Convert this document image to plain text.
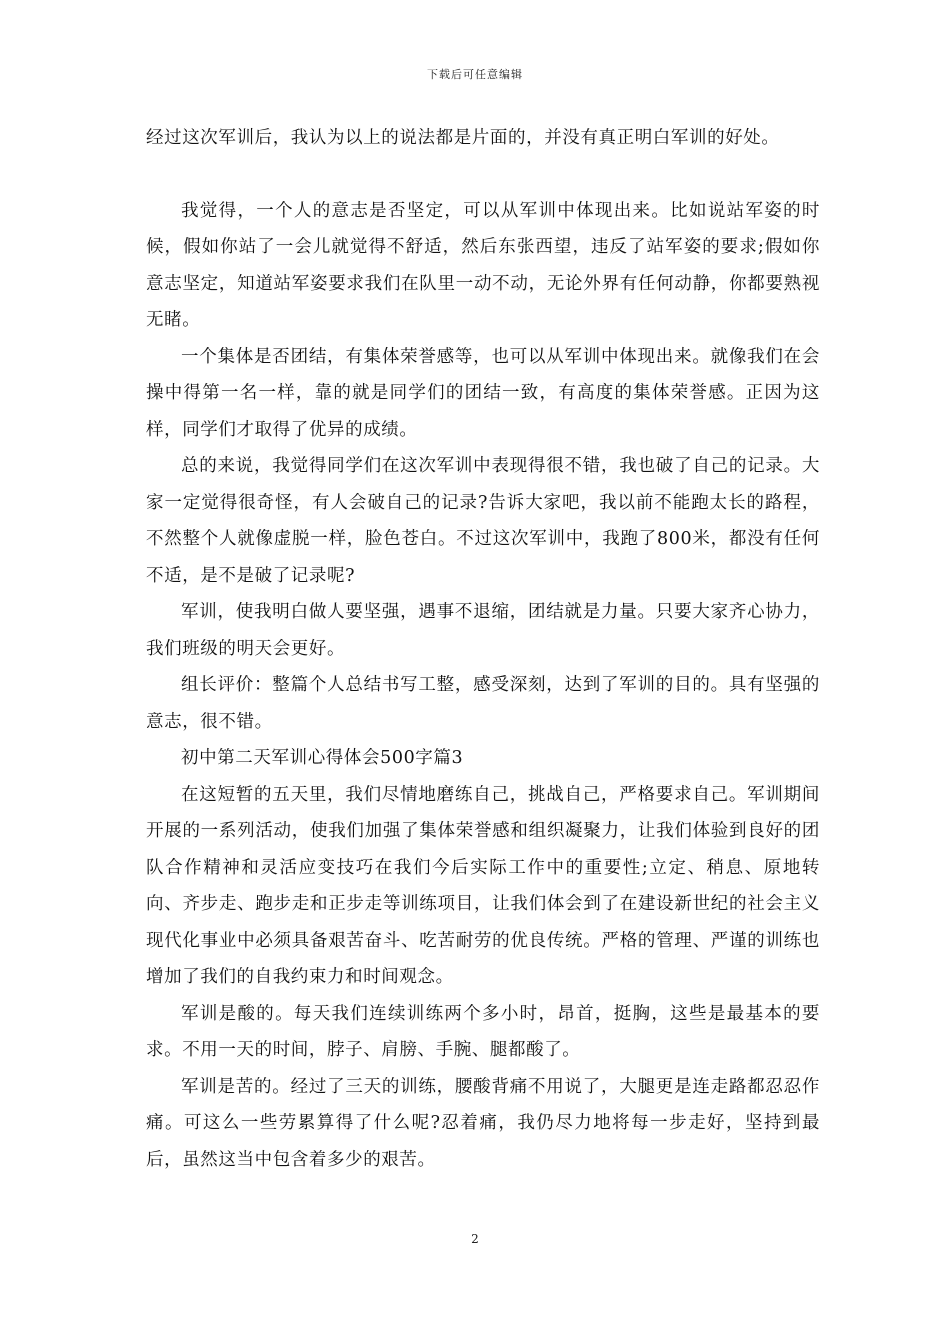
下载后可任意编辑

经过这次军训后，我认为以上的说法都是片面的，并没有真正明白军训的好处。

我觉得，一个人的意志是否坚定，可以从军训中体现出来。比如说站军姿的时候，假如你站了一会儿就觉得不舒适，然后东张西望，违反了站军姿的要求;假如你意志坚定，知道站军姿要求我们在队里一动不动，无论外界有任何动静，你都要熟视无睹。

一个集体是否团结，有集体荣誉感等，也可以从军训中体现出来。就像我们在会操中得第一名一样，靠的就是同学们的团结一致，有高度的集体荣誉感。正因为这样，同学们才取得了优异的成绩。

总的来说，我觉得同学们在这次军训中表现得很不错，我也破了自己的记录。大家一定觉得很奇怪，有人会破自己的记录?告诉大家吧，我以前不能跑太长的路程，不然整个人就像虚脱一样，脸色苍白。不过这次军训中，我跑了800米，都没有任何不适，是不是破了记录呢?

军训，使我明白做人要坚强，遇事不退缩，团结就是力量。只要大家齐心协力，我们班级的明天会更好。

组长评价：整篇个人总结书写工整，感受深刻，达到了军训的目的。具有坚强的意志，很不错。

初中第二天军训心得体会500字篇3

在这短暂的五天里，我们尽情地磨练自己，挑战自己，严格要求自己。军训期间开展的一系列活动，使我们加强了集体荣誉感和组织凝聚力，让我们体验到良好的团队合作精神和灵活应变技巧在我们今后实际工作中的重要性;立定、稍息、原地转向、齐步走、跑步走和正步走等训练项目，让我们体会到了在建设新世纪的社会主义现代化事业中必须具备艰苦奋斗、吃苦耐劳的优良传统。严格的管理、严谨的训练也增加了我们的自我约束力和时间观念。

军训是酸的。每天我们连续训练两个多小时，昂首，挺胸，这些是最基本的要求。不用一天的时间，脖子、肩膀、手腕、腿都酸了。

军训是苦的。经过了三天的训练，腰酸背痛不用说了，大腿更是连走路都忍忍作痛。可这么一些劳累算得了什么呢?忍着痛，我仍尽力地将每一步走好，坚持到最后，虽然这当中包含着多少的艰苦。

2
